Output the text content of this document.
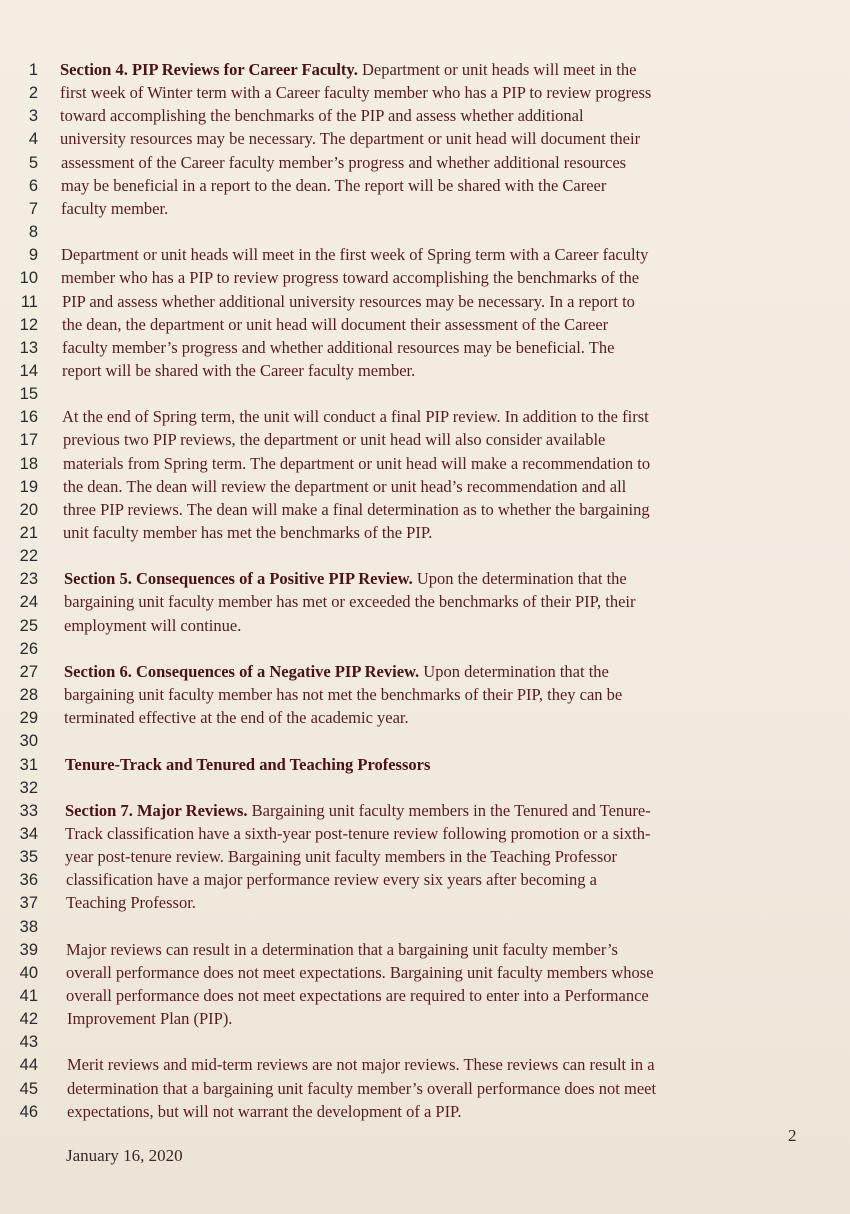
1 Section 4. PIP Reviews for Career Faculty. Department or unit heads will meet in the
2 first week of Winter term with a Career faculty member who has a PIP to review progress
3 toward accomplishing the benchmarks of the PIP and assess whether additional
4 university resources may be necessary. The department or unit head will document their
5 assessment of the Career faculty member’s progress and whether additional resources
6 may be beneficial in a report to the dean. The report will be shared with the Career
7 faculty member.
8
9 Department or unit heads will meet in the first week of Spring term with a Career faculty
10 member who has a PIP to review progress toward accomplishing the benchmarks of the
11 PIP and assess whether additional university resources may be necessary. In a report to
12 the dean, the department or unit head will document their assessment of the Career
13 faculty member’s progress and whether additional resources may be beneficial. The
14 report will be shared with the Career faculty member.
15
16 At the end of Spring term, the unit will conduct a final PIP review. In addition to the first
17 previous two PIP reviews, the department or unit head will also consider available
18 materials from Spring term. The department or unit head will make a recommendation to
19 the dean. The dean will review the department or unit head’s recommendation and all
20 three PIP reviews. The dean will make a final determination as to whether the bargaining
21 unit faculty member has met the benchmarks of the PIP.
22
23 Section 5. Consequences of a Positive PIP Review. Upon the determination that the
24 bargaining unit faculty member has met or exceeded the benchmarks of their PIP, their
25 employment will continue.
26
27 Section 6. Consequences of a Negative PIP Review. Upon determination that the
28 bargaining unit faculty member has not met the benchmarks of their PIP, they can be
29 terminated effective at the end of the academic year.
30
31 Tenure-Track and Tenured and Teaching Professors
32
33 Section 7. Major Reviews. Bargaining unit faculty members in the Tenured and Tenure-
34 Track classification have a sixth-year post-tenure review following promotion or a sixth-
35 year post-tenure review. Bargaining unit faculty members in the Teaching Professor
36 classification have a major performance review every six years after becoming a
37 Teaching Professor.
38
39 Major reviews can result in a determination that a bargaining unit faculty member’s
40 overall performance does not meet expectations. Bargaining unit faculty members whose
41 overall performance does not meet expectations are required to enter into a Performance
42 Improvement Plan (PIP).
43
44 Merit reviews and mid-term reviews are not major reviews. These reviews can result in a
45 determination that a bargaining unit faculty member’s overall performance does not meet
46 expectations, but will not warrant the development of a PIP.
January 16, 2020
2
